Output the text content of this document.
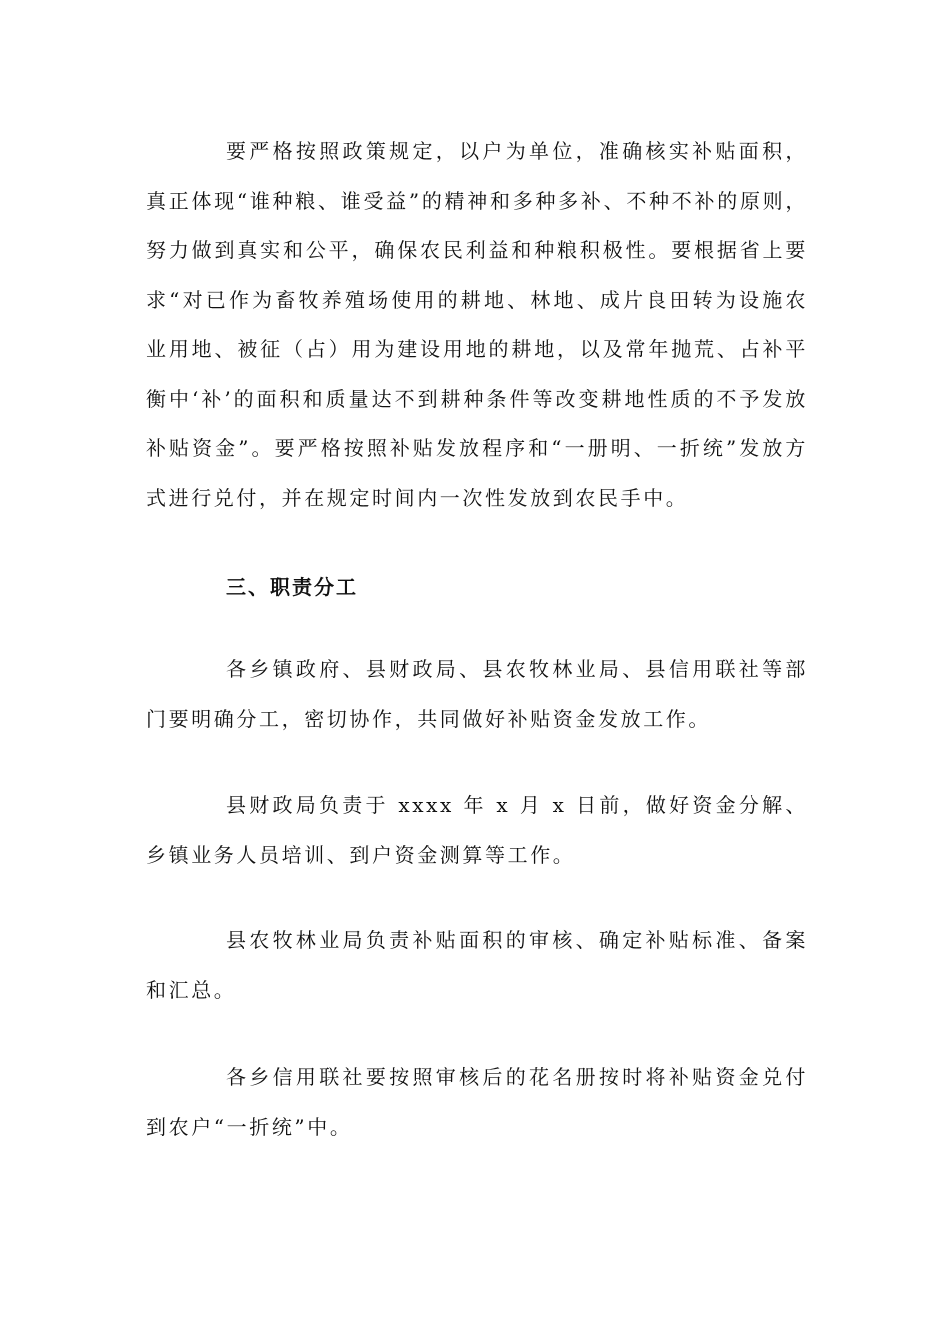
要严格按照政策规定，以户为单位，准确核实补贴面积，真正体现“谁种粮、谁受益”的精神和多种多补、不种不补的原则，努力做到真实和公平，确保农民利益和种粮积极性。要根据省上要求“对已作为畜牧养殖场使用的耕地、林地、成片良田转为设施农业用地、被征（占）用为建设用地的耕地，以及常年抛荒、占补平衡中‘补’的面积和质量达不到耕种条件等改变耕地性质的不予发放补贴资金”。要严格按照补贴发放程序和“一册明、一折统”发放方式进行兑付，并在规定时间内一次性发放到农民手中。

三、职责分工

各乡镇政府、县财政局、县农牧林业局、县信用联社等部门要明确分工，密切协作，共同做好补贴资金发放工作。

县财政局负责于 xxxx 年 x 月 x 日前，做好资金分解、乡镇业务人员培训、到户资金测算等工作。

县农牧林业局负责补贴面积的审核、确定补贴标准、备案和汇总。

各乡信用联社要按照审核后的花名册按时将补贴资金兑付到农户“一折统”中。
